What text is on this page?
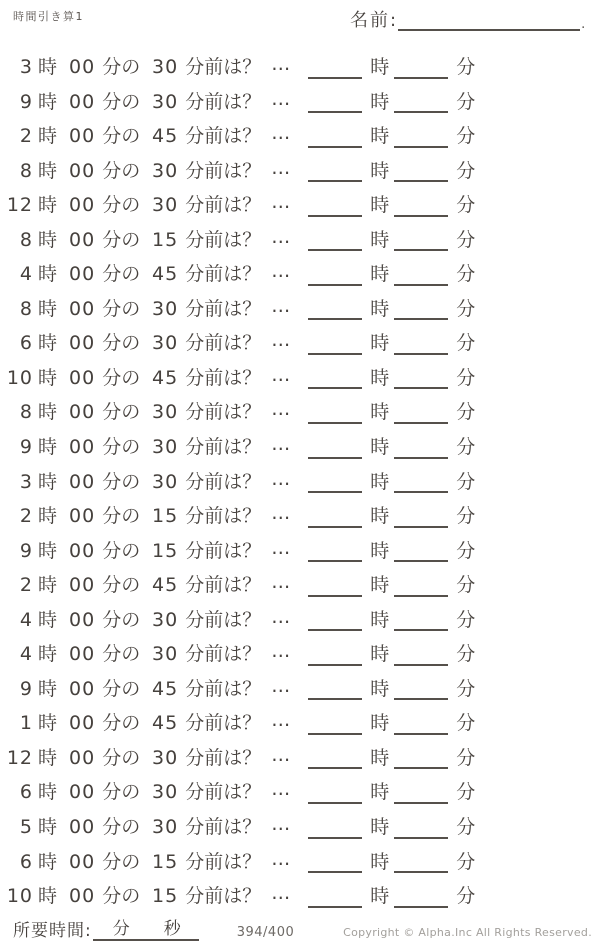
時間引き算1	名前:	.
3 時 00 分の 30 分前は？ …	時	分
9 時 00 分の 30 分前は？ …	時	分
2 時 00 分の 45 分前は？ …	時	分
8 時 00 分の 30 分前は？ …	時	分
12 時 00 分の 30 分前は？ …	時	分
8 時 00 分の 15 分前は？ …	時	分
4 時 00 分の 45 分前は？ …	時	分
8 時 00 分の 30 分前は？ …	時	分
6 時 00 分の 30 分前は？ …	時	分
10 時 00 分の 45 分前は？ …	時	分
8 時 00 分の 30 分前は？ …	時	分
9 時 00 分の 30 分前は？ …	時	分
3 時 00 分の 30 分前は？ …	時	分
2 時 00 分の 15 分前は？ …	時	分
9 時 00 分の 15 分前は？ …	時	分
2 時 00 分の 45 分前は？ …	時	分
4 時 00 分の 30 分前は？ …	時	分
4 時 00 分の 30 分前は？ …	時	分
9 時 00 分の 45 分前は？ …	時	分
1 時 00 分の 45 分前は？ …	時	分
12 時 00 分の 30 分前は？ …	時	分
6 時 00 分の 30 分前は？ …	時	分
5 時 00 分の 30 分前は？ …	時	分
6 時 00 分の 15 分前は？ …	時	分
10 時 00 分の 15 分前は？ …	時	分
所要時間:	分	秒	394/400	Copyright © Alpha.Inc All Rights Reserved.
